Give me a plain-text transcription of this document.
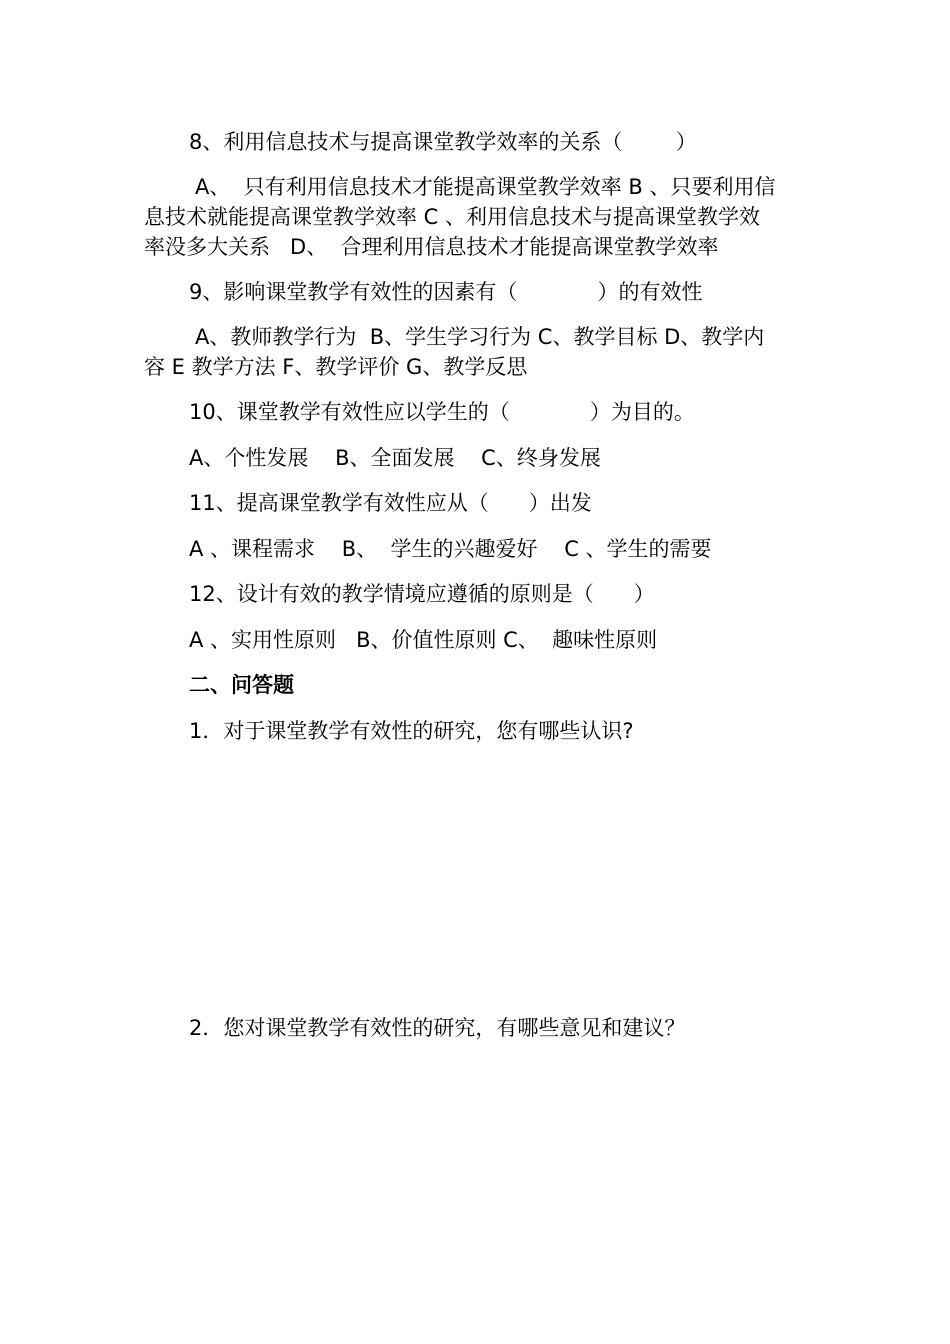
8、利用信息技术与提高课堂教学效率的关系（        ）

A、  只有利用信息技术才能提高课堂教学效率 B 、只要利用信

息技术就能提高课堂教学效率 C 、利用信息技术与提高课堂教学效

率没多大关系   D、  合理利用信息技术才能提高课堂教学效率

9、影响课堂教学有效性的因素有（            ）的有效性

A、教师教学行为  B、学生学习行为 C、教学目标 D、教学内

容 E 教学方法 F、教学评价 G、教学反思

10、课堂教学有效性应以学生的（            ）为目的。

A、个性发展    B、全面发展    C、终身发展

11、提高课堂教学有效性应从（      ）出发

A 、课程需求    B、  学生的兴趣爱好    C 、学生的需要

12、设计有效的教学情境应遵循的原则是（      ）

A 、实用性原则   B、价值性原则 C、  趣味性原则

二、问答题

1．对于课堂教学有效性的研究，您有哪些认识?

2．您对课堂教学有效性的研究，有哪些意见和建议？
